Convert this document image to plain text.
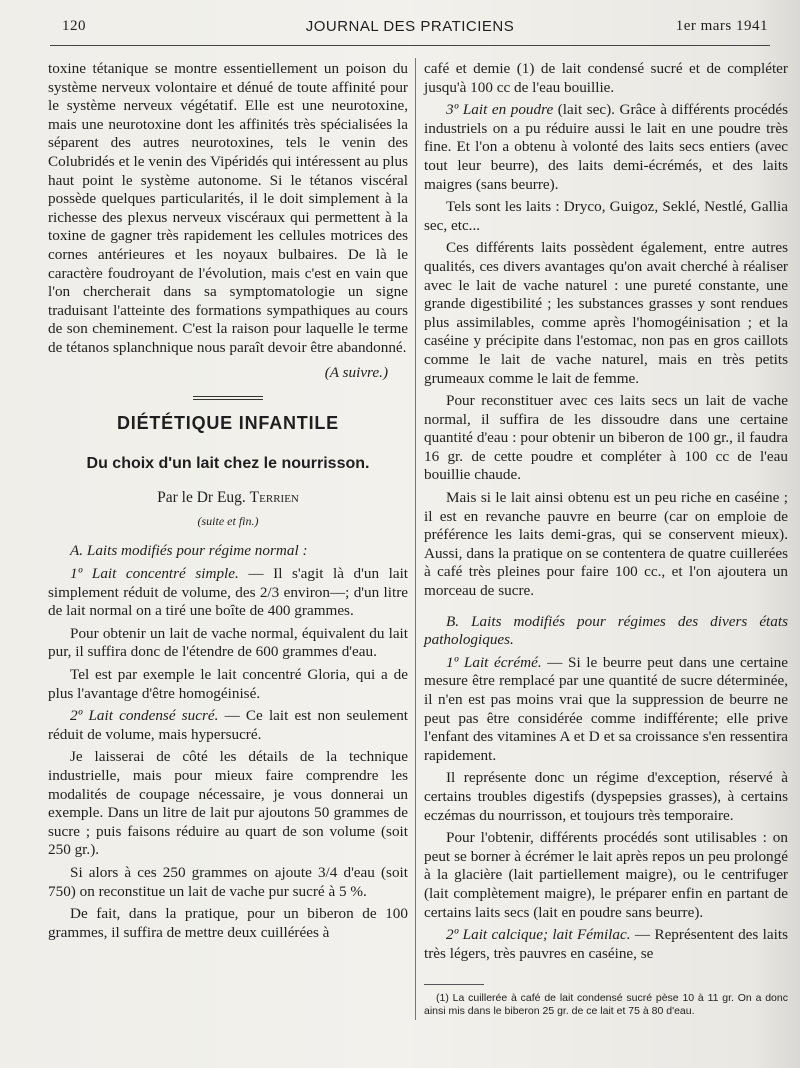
120	JOURNAL DES PRATICIENS	1er mars 1941

toxine tétanique se montre essentiellement un poison du système nerveux volontaire et dénué de toute affinité pour le système nerveux végétatif. Elle est une neurotoxine, mais une neurotoxine dont les affinités très spécialisées la séparent des autres neurotoxines, tels le venin des Colubridés et le venin des Vipéridés qui intéressent au plus haut point le système autonome. Si le tétanos viscéral possède quelques particularités, il le doit simplement à la richesse des plexus nerveux viscéraux qui permettent à la toxine de gagner très rapidement les cellules motrices des cornes antérieures et les noyaux bulbaires. De là le caractère foudroyant de l'évolution, mais c'est en vain que l'on chercherait dans sa symptomatologie un signe traduisant l'atteinte des formations sympathiques au cours de son cheminement. C'est la raison pour laquelle le terme de tétanos splanchnique nous paraît devoir être abandonné.

(A suivre.)

DIÉTÉTIQUE INFANTILE
Du choix d'un lait chez le nourrisson.
Par le Dr Eug. Terrien
(suite et fin.)

A. Laits modifiés pour régime normal :

1º Lait concentré simple. — Il s'agit là d'un lait simplement réduit de volume, des 2/3 environ—; d'un litre de lait normal on a tiré une boîte de 400 grammes.

Pour obtenir un lait de vache normal, équivalent du lait pur, il suffira donc de l'étendre de 600 grammes d'eau.

Tel est par exemple le lait concentré Gloria, qui a de plus l'avantage d'être homogéinisé.

2º Lait condensé sucré. — Ce lait est non seulement réduit de volume, mais hypersucré.

Je laisserai de côté les détails de la technique industrielle, mais pour mieux faire comprendre les modalités de coupage nécessaire, je vous donnerai un exemple. Dans un litre de lait pur ajoutons 50 grammes de sucre ; puis faisons réduire au quart de son volume (soit 250 gr.).

Si alors à ces 250 grammes on ajoute 3/4 d'eau (soit 750) on reconstitue un lait de vache pur sucré à 5 %.

De fait, dans la pratique, pour un biberon de 100 grammes, il suffira de mettre deux cuillérées à

café et demie (1) de lait condensé sucré et de compléter jusqu'à 100 cc de l'eau bouillie.

3º Lait en poudre (lait sec). Grâce à différents procédés industriels on a pu réduire aussi le lait en une poudre très fine. Et l'on a obtenu à volonté des laits secs entiers (avec tout leur beurre), des laits demi-écrémés, et des laits maigres (sans beurre).

Tels sont les laits : Dryco, Guigoz, Seklé, Nestlé, Gallia sec, etc...

Ces différents laits possèdent également, entre autres qualités, ces divers avantages qu'on avait cherché à réaliser avec le lait de vache naturel : une pureté constante, une grande digestibilité ; les substances grasses y sont rendues plus assimilables, comme après l'homogéinisation ; et la caséine y précipite dans l'estomac, non pas en gros caillots comme le lait de vache naturel, mais en très petits grumeaux comme le lait de femme.

Pour reconstituer avec ces laits secs un lait de vache normal, il suffira de les dissoudre dans une certaine quantité d'eau : pour obtenir un biberon de 100 gr., il faudra 16 gr. de cette poudre et compléter à 100 cc de l'eau bouillie chaude.

Mais si le lait ainsi obtenu est un peu riche en caséine ; il est en revanche pauvre en beurre (car on emploie de préférence les laits demi-gras, qui se conservent mieux). Aussi, dans la pratique on se contentera de quatre cuillerées à café très pleines pour faire 100 cc., et l'on ajoutera un morceau de sucre.

B. Laits modifiés pour régimes des divers états pathologiques.

1º Lait écrémé. — Si le beurre peut dans une certaine mesure être remplacé par une quantité de sucre déterminée, il n'en est pas moins vrai que la suppression de beurre ne peut pas être considérée comme indifférente; elle prive l'enfant des vitamines A et D et sa croissance s'en ressentira rapidement.

Il représente donc un régime d'exception, réservé à certains troubles digestifs (dyspepsies grasses), à certains eczémas du nourrisson, et toujours très temporaire.

Pour l'obtenir, différents procédés sont utilisables : on peut se borner à écrémer le lait après repos un peu prolongé à la glacière (lait partiellement maigre), ou le centrifuger (lait complètement maigre), le préparer enfin en partant de certains laits secs (lait en poudre sans beurre).

2º Lait calcique; lait Fémilac. — Représentent des laits très légers, très pauvres en caséine, se

(1) La cuillerée à café de lait condensé sucré pèse 10 à 11 gr. On a donc ainsi mis dans le biberon 25 gr. de ce lait et 75 à 80 d'eau.
